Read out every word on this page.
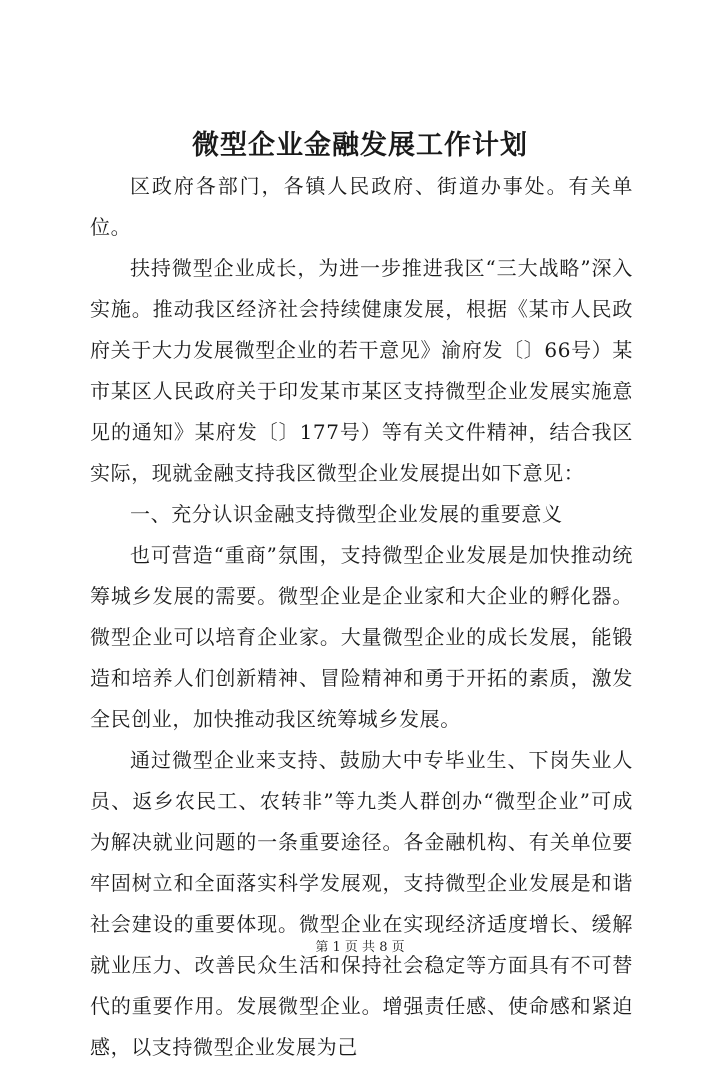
微型企业金融发展工作计划

区政府各部门，各镇人民政府、街道办事处。有关单位。

扶持微型企业成长，为进一步推进我区“三大战略”深入实施。推动我区经济社会持续健康发展，根据《某市人民政府关于大力发展微型企业的若干意见》渝府发〔〕66号）某市某区人民政府关于印发某市某区支持微型企业发展实施意见的通知》某府发〔〕177号）等有关文件精神，结合我区实际，现就金融支持我区微型企业发展提出如下意见：

一、充分认识金融支持微型企业发展的重要意义

也可营造“重商”氛围，支持微型企业发展是加快推动统筹城乡发展的需要。微型企业是企业家和大企业的孵化器。微型企业可以培育企业家。大量微型企业的成长发展，能锻造和培养人们创新精神、冒险精神和勇于开拓的素质，激发全民创业，加快推动我区统筹城乡发展。

通过微型企业来支持、鼓励大中专毕业生、下岗失业人员、返乡农民工、农转非”等九类人群创办“微型企业”可成为解决就业问题的一条重要途径。各金融机构、有关单位要牢固树立和全面落实科学发展观，支持微型企业发展是和谐社会建设的重要体现。微型企业在实现经济适度增长、缓解就业压力、改善民众生活和保持社会稳定等方面具有不可替代的重要作用。发展微型企业。增强责任感、使命感和紧迫感，以支持微型企业发展为己

第 1 页 共 8 页
